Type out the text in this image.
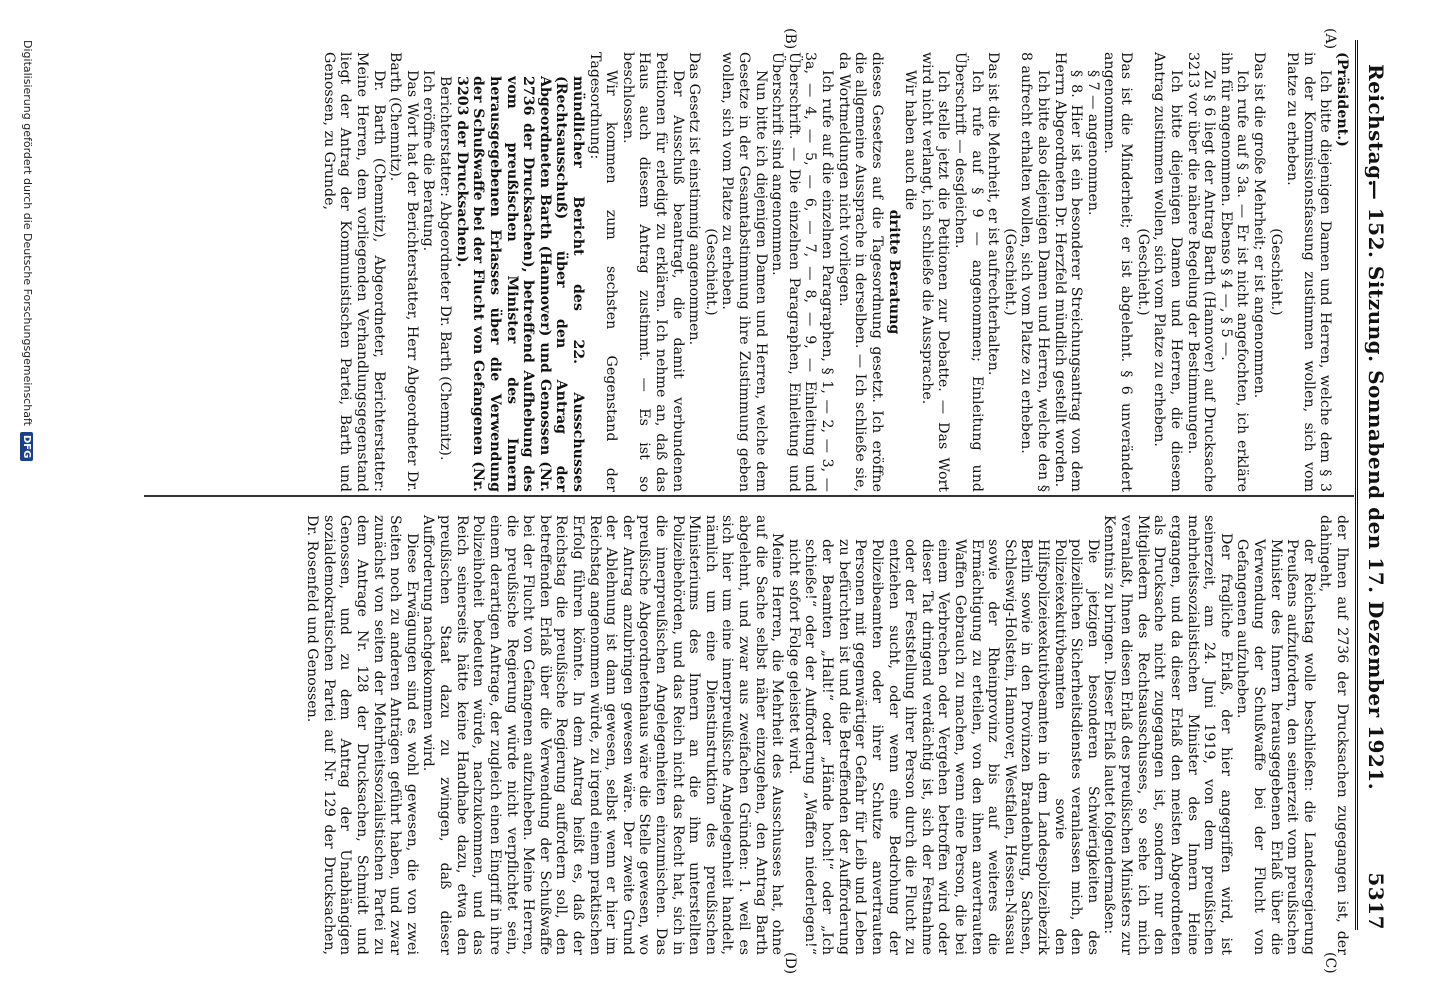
Reichstag.
— 152. Sitzung. Sonnabend den 17. Dezember 1921.
5317
(A)
(B)
(C)
(D)

(Präsident.)

Ich bitte diejenigen Damen und Herren, welche dem § 3 in der Kommissionsfassung zustimmen wollen, sich vom Platze zu erheben.

(Geschieht.)

Das ist die große Mehrheit; er ist angenommen.

Ich rufe auf § 3a. — Er ist nicht angefochten, ich erkläre ihn für angenommen. Ebenso § 4 —, § 5 —.

Zu § 6 liegt der Antrag Barth (Hannover) auf Drucksache 3213 vor über die nähere Regelung der Bestimmungen.

Ich bitte diejenigen Damen und Herren, die diesem Antrag zustimmen wollen, sich vom Platze zu erheben.

(Geschieht.)

Das ist die Minderheit; er ist abgelehnt. § 6 unverändert angenommen.

§ 7 — angenommen.

§ 8. Hier ist ein besonderer Streichungsantrag von dem Herrn Abgeordneten Dr. Herzfeld mündlich gestellt worden.

Ich bitte also diejenigen Damen und Herren, welche den § 8 aufrecht erhalten wollen, sich vom Platze zu erheben.

(Geschieht.)

Das ist die Mehrheit, er ist aufrechterhalten.

Ich rufe auf § 9 — angenommen; Einleitung und Überschrift — desgleichen.

Ich stelle jetzt die Petitionen zur Debatte. — Das Wort wird nicht verlangt, ich schließe die Aussprache.

Wir haben auch die

dritte Beratung

dieses Gesetzes auf die Tagesordnung gesetzt. Ich eröffne die allgemeine Aussprache in derselben. — Ich schließe sie, da Wortmeldungen nicht vorliegen.

Ich rufe auf die einzelnen Paragraphen, § 1, — 2, — 3, — 3a, — 4, — 5, — 6, — 7, — 8, — 9, — Einleitung und Überschrift. — Die einzelnen Paragraphen, Einleitung und Überschrift sind angenommen.

Nun bitte ich diejenigen Damen und Herren, welche dem Gesetze in der Gesamtabstimmung ihre Zustimmung geben wollen, sich vom Platze zu erheben.

(Geschieht.)

Das Gesetz ist einstimmig angenommen.

Der Ausschuß beantragt, die damit verbundenen Petitionen für erledigt zu erklären. Ich nehme an, daß das Haus auch diesem Antrag zustimmt. — Es ist so beschlossen.

Wir kommen zum sechsten Gegenstand der Tagesordnung:

mündlicher Bericht des 22. Ausschusses (Rechtsausschuß) über den Antrag der Abgeordneten Barth (Hannover) und Genossen (Nr. 2736 der Drucksachen), betreffend Aufhebung des vom preußischen Minister des Innern herausgegebenen Erlasses über die Verwendung der Schußwaffe bei der Flucht von Gefangenen (Nr. 3203 der Drucksachen).

Berichterstatter: Abgeordneter Dr. Barth (Chemnitz).

Ich eröffne die Beratung.

Das Wort hat der Berichterstatter, Herr Abgeordneter Dr. Barth (Chemnitz).

Dr. Barth (Chemnitz), Abgeordneter, Berichterstatter: Meine Herren, dem vorliegenden Verhandlungsgegenstand liegt der Antrag der Kommunistischen Partei, Barth und Genossen, zu Grunde,

der Ihnen auf 2736 der Drucksachen zugegangen ist, der dahingeht,

der Reichstag wolle beschließen: die Landesregierung Preußens aufzufordern, den seinerzeit vom preußischen Minister des Innern herausgegebenen Erlaß über die Verwendung der Schußwaffe bei der Flucht von Gefangenen aufzuheben.

Der fragliche Erlaß, der hier angegriffen wird, ist seinerzeit, am 24. Juni 1919, von dem preußischen mehrheitssozialistischen Minister des Innern Heine ergangen, und da dieser Erlaß den meisten Abgeordneten als Drucksache nicht zugegangen ist, sondern nur den Mitgliedern des Rechtsausschusses, so sehe ich mich veranlaßt, Ihnen diesen Erlaß des preußischen Ministers zur Kenntnis zu bringen. Dieser Erlaß lautet folgendermaßen:

Die jetzigen besonderen Schwierigkeiten des polizeilichen Sicherheitsdienstes veranlassen mich, den Polizeiexekutivbeamten sowie den Hilfspolizeiexekutivbeamten in dem Landespolizeibezirk Berlin sowie in den Provinzen Brandenburg, Sachsen, Schleswig-Holstein, Hannover, Westfalen, Hessen-Nassau sowie der Rheinprovinz bis auf weiteres die Ermächtigung zu erteilen, von den ihnen anvertrauten Waffen Gebrauch zu machen, wenn eine Person, die bei einem Verbrechen oder Vergehen betroffen wird oder dieser Tat dringend verdächtig ist, sich der Festnahme oder der Feststellung ihrer Person durch die Flucht zu entziehen sucht, oder wenn eine Bedrohung der Polizeibeamten oder ihrer Schutze anvertrauten Personen mit gegenwärtiger Gefahr für Leib und Leben zu befürchten ist und die Betreffenden der Aufforderung der Beamten „Halt!“ oder „Hände hoch!“ oder „Ich schieße!“ oder der Aufforderung „Waffen niederlegen!“ nicht sofort Folge geleistet wird.

Meine Herren, die Mehrheit des Ausschusses hat, ohne auf die Sache selbst näher einzugehen, den Antrag Barth abgelehnt, und zwar aus zweifachen Gründen: 1. weil es sich hier um eine innerpreußische Angelegenheit handelt, nämlich um eine Dienstinstruktion des preußischen Ministeriums des Innern an die ihm unterstellten Polizeibehörden, und das Reich nicht das Recht hat, sich in die innerpreußischen Angelegenheiten einzumischen. Das preußische Abgeordnetenhaus wäre die Stelle gewesen, wo der Antrag anzubringen gewesen wäre. Der zweite Grund der Ablehnung ist dann gewesen, selbst wenn er hier im Reichstag angenommen würde, zu irgend einem praktischen Erfolg führen könnte. In dem Antrag heißt es, daß der Reichstag die preußische Regierung auffordern soll, den betreffenden Erlaß über die Verwendung der Schußwaffe bei der Flucht von Gefangenen aufzuheben. Meine Herren, die preußische Regierung würde nicht verpflichtet sein, einem derartigen Antrage, der zugleich einen Eingriff in ihre Polizeihoheit bedeuten würde, nachzukommen, und das Reich seinerseits hätte keine Handhabe dazu, etwa den preußischen Staat dazu zu zwingen, daß dieser Aufforderung nachgekommen wird.

Diese Erwägungen sind es wohl gewesen, die von zwei Seiten noch zu anderen Anträgen geführt haben, und zwar zunächst von seiten der Mehrheitssozialistischen Partei zu dem Antrage Nr. 128 der Drucksachen, Schmidt und Genossen, und zu dem Antrag der Unabhängigen sozialdemokratischen Partei auf Nr. 129 der Drucksachen, Dr. Rosenfeld und Genossen.

Digitalisierung gefördert durch die Deutsche ForschungsgemeinschaftDFG
